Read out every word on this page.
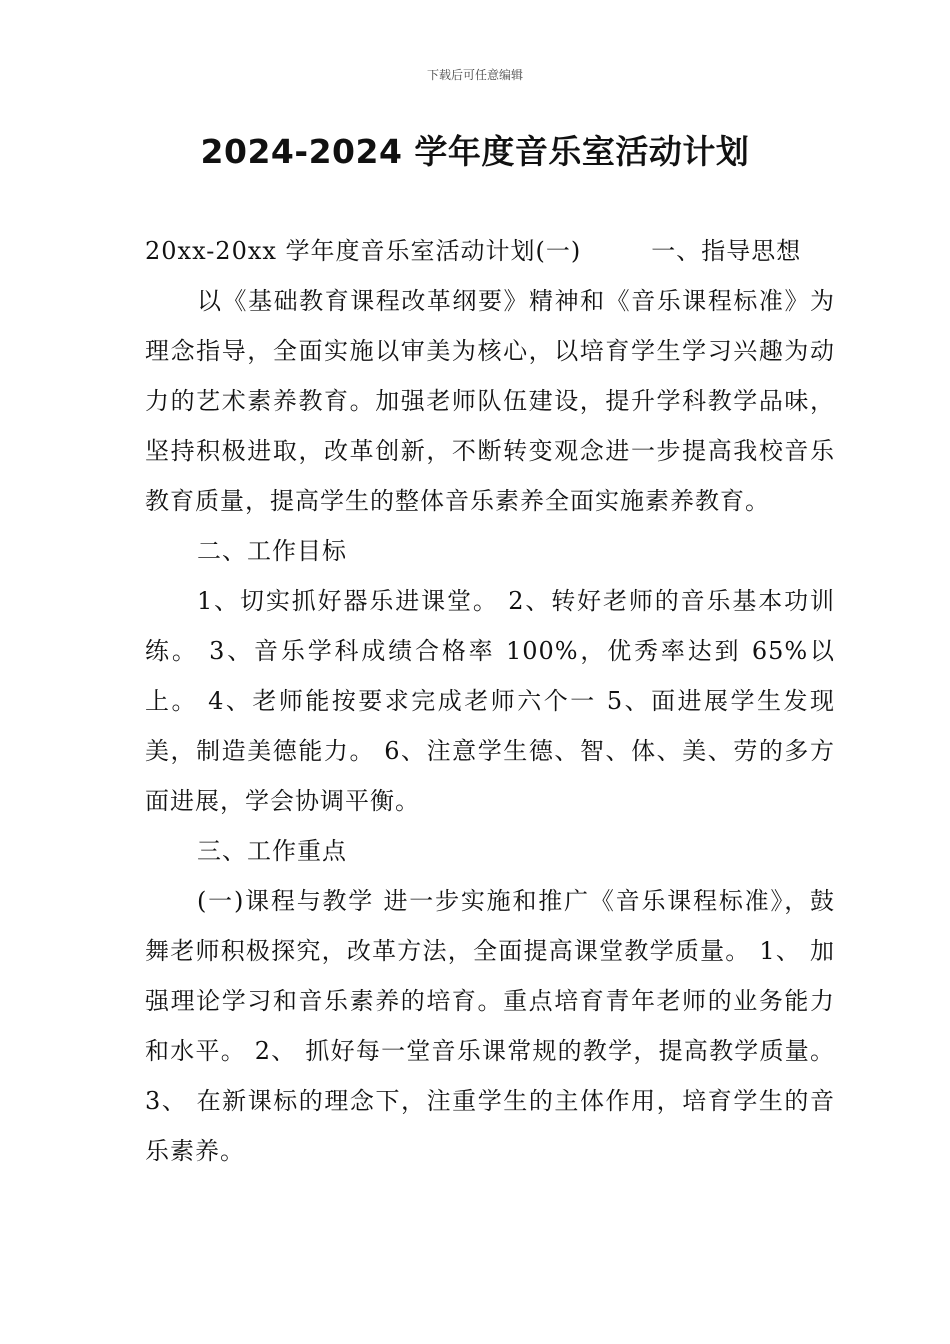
下载后可任意编辑
2024-2024 学年度音乐室活动计划

20xx-20xx 学年度音乐室活动计划(一)	一、指导思想

以《基础教育课程改革纲要》精神和《音乐课程标准》为理念指导，全面实施以审美为核心，以培育学生学习兴趣为动力的艺术素养教育。加强老师队伍建设，提升学科教学品味，坚持积极进取，改革创新，不断转变观念进一步提高我校音乐教育质量，提高学生的整体音乐素养全面实施素养教育。

二、工作目标

1、切实抓好器乐进课堂。 2、转好老师的音乐基本功训练。 3、音乐学科成绩合格率 100%，优秀率达到 65%以上。 4、老师能按要求完成老师六个一 5、面进展学生发现美，制造美德能力。 6、注意学生德、智、体、美、劳的多方面进展，学会协调平衡。

三、工作重点

(一)课程与教学 进一步实施和推广《音乐课程标准》，鼓舞老师积极探究，改革方法，全面提高课堂教学质量。 1、 加强理论学习和音乐素养的培育。重点培育青年老师的业务能力和水平。 2、 抓好每一堂音乐课常规的教学，提高教学质量。 3、 在新课标的理念下，注重学生的主体作用，培育学生的音乐素养。
